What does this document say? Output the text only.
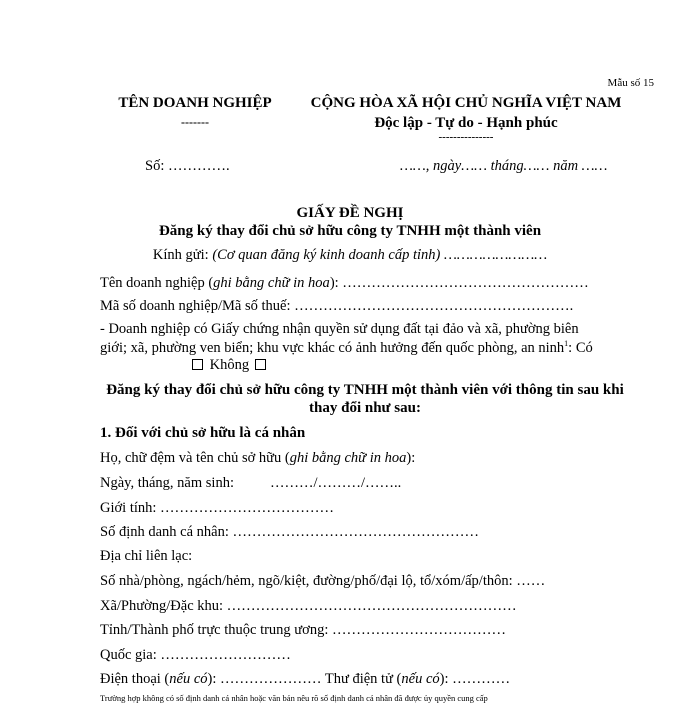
Mẫu số 15
TÊN DOANH NGHIỆP
-------
CỘNG HÒA XÃ HỘI CHỦ NGHĨA VIỆT NAM
Độc lập - Tự do - Hạnh phúc
---------------
Số: ………….	……, ngày…… tháng…… năm ……
GIẤY ĐỀ NGHỊ
Đăng ký thay đổi chủ sở hữu công ty TNHH một thành viên
Kính gửi: (Cơ quan đăng ký kinh doanh cấp tỉnh) ……………………
Tên doanh nghiệp (ghi bằng chữ in hoa): ……………………………………………
Mã số doanh nghiệp/Mã số thuế: ………………………………………………….
- Doanh nghiệp có Giấy chứng nhận quyền sử dụng đất tại đảo và xã, phường biên
giới; xã, phường ven biển; khu vực khác có ảnh hưởng đến quốc phòng, an ninh$^1$: Có
Không
Đăng ký thay đổi chủ sở hữu công ty TNHH một thành viên với thông tin sau khi
thay đổi như sau:
1. Đối với chủ sở hữu là cá nhân
Họ, chữ đệm và tên chủ sở hữu (ghi bằng chữ in hoa):
Ngày, tháng, năm sinh: ………/………/……..
Giới tính: ………………………………
Số định danh cá nhân: ……………………………………………
Địa chỉ liên lạc:
Số nhà/phòng, ngách/hẻm, ngõ/kiệt, đường/phố/đại lộ, tổ/xóm/ấp/thôn: ……
Xã/Phường/Đặc khu: ……………………………………………………
Tỉnh/Thành phố trực thuộc trung ương: ………………………………
Quốc gia: ………………………
Điện thoại (nếu có): ………………… Thư điện tử (nếu có): …………
Trường hợp không có số định danh cá nhân hoặc văn bản nêu rõ số định danh cá nhân đã được ủy quyền cung cấp
